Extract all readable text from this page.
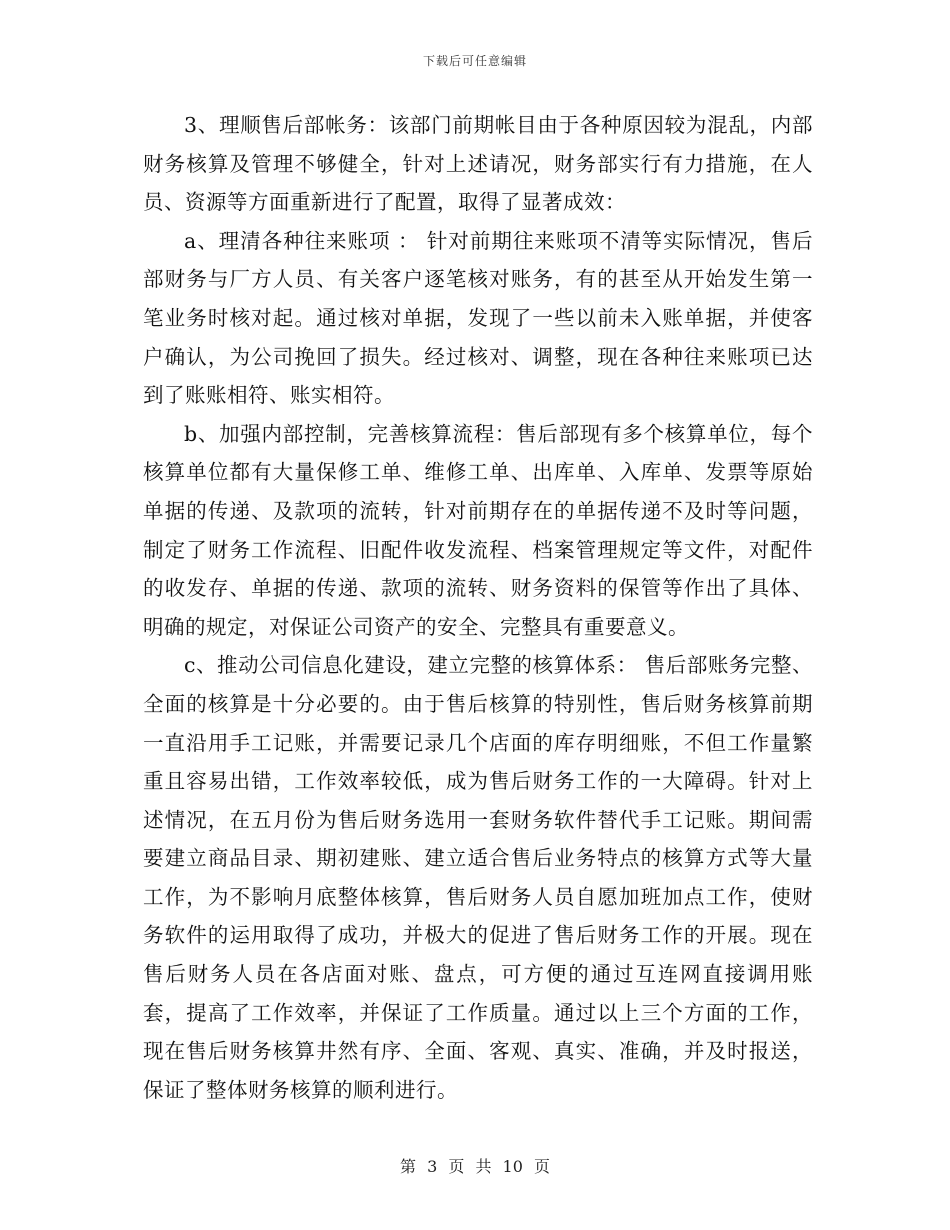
下载后可任意编辑

3、理顺售后部帐务：该部门前期帐目由于各种原因较为混乱，内部财务核算及管理不够健全，针对上述请况，财务部实行有力措施，在人员、资源等方面重新进行了配置，取得了显著成效：

a、理清各种往来账项 ： 针对前期往来账项不清等实际情况，售后部财务与厂方人员、有关客户逐笔核对账务，有的甚至从开始发生第一笔业务时核对起。通过核对单据，发现了一些以前未入账单据，并使客户确认，为公司挽回了损失。经过核对、调整，现在各种往来账项已达到了账账相符、账实相符。

b、加强内部控制，完善核算流程：售后部现有多个核算单位，每个核算单位都有大量保修工单、维修工单、出库单、入库单、发票等原始单据的传递、及款项的流转，针对前期存在的单据传递不及时等问题，制定了财务工作流程、旧配件收发流程、档案管理规定等文件，对配件的收发存、单据的传递、款项的流转、财务资料的保管等作出了具体、明确的规定，对保证公司资产的安全、完整具有重要意义。

c、推动公司信息化建设，建立完整的核算体系： 售后部账务完整、全面的核算是十分必要的。由于售后核算的特别性，售后财务核算前期一直沿用手工记账，并需要记录几个店面的库存明细账，不但工作量繁重且容易出错，工作效率较低，成为售后财务工作的一大障碍。针对上述情况，在五月份为售后财务选用一套财务软件替代手工记账。期间需要建立商品目录、期初建账、建立适合售后业务特点的核算方式等大量工作，为不影响月底整体核算，售后财务人员自愿加班加点工作，使财务软件的运用取得了成功，并极大的促进了售后财务工作的开展。现在售后财务人员在各店面对账、盘点，可方便的通过互连网直接调用账套，提高了工作效率，并保证了工作质量。通过以上三个方面的工作，现在售后财务核算井然有序、全面、客观、真实、准确，并及时报送，保证了整体财务核算的顺利进行。

第 3 页 共 10 页
